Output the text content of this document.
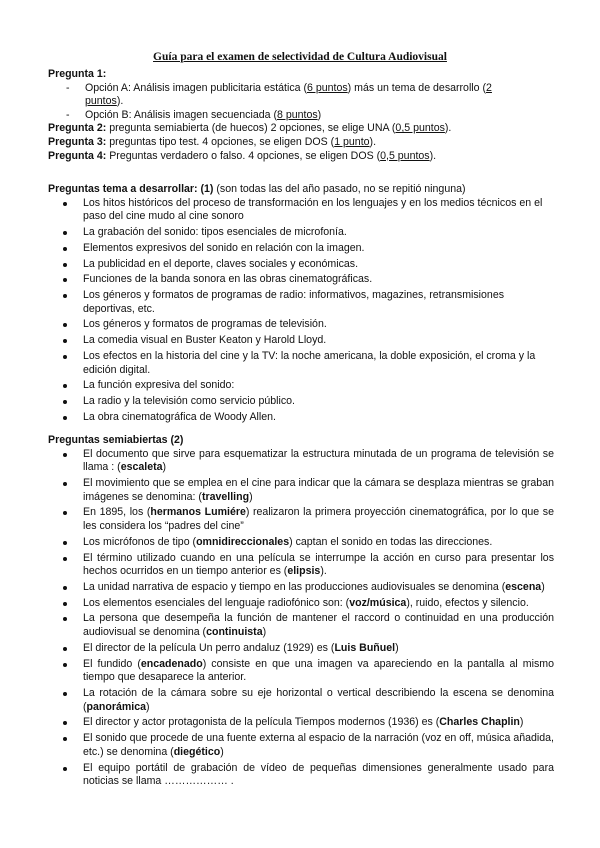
Guía para el examen de selectividad de Cultura Audiovisual

Pregunta 1:

- Opción A: Análisis imagen publicitaria estática (6 puntos) más un tema de desarrollo (2
puntos).

- Opción B: Análisis imagen secuenciada (8 puntos)

Pregunta 2: pregunta semiabierta (de huecos) 2 opciones, se elige UNA (0,5 puntos).

Pregunta 3: preguntas tipo test. 4 opciones, se eligen DOS (1 punto).

Pregunta 4: Preguntas verdadero o falso. 4 opciones, se eligen DOS (0,5 puntos).

Preguntas tema a desarrollar: (1) (son todas las del año pasado, no se repitió ninguna)

Los hitos históricos del proceso de transformación en los lenguajes y en los medios técnicos en el paso del cine mudo al cine sonoro
La grabación del sonido: tipos esenciales de microfonía.
Elementos expresivos del sonido en relación con la imagen.
La publicidad en el deporte, claves sociales y económicas.
Funciones de la banda sonora en las obras cinematográficas.
Los géneros y formatos de programas de radio: informativos, magazines, retransmisiones deportivas, etc.
Los géneros y formatos de programas de televisión.
La comedia visual en Buster Keaton y Harold Lloyd.
Los efectos en la historia del cine y la TV: la noche americana, la doble exposición, el croma y la edición digital.
La función expresiva del sonido:
La radio y la televisión como servicio público.
La obra cinematográfica de Woody Allen.

Preguntas semiabiertas (2)

El documento que sirve para esquematizar la estructura minutada de un programa de televisión se llama : (escaleta)
El movimiento que se emplea en el cine para indicar que la cámara se desplaza mientras se graban imágenes se denomina: (travelling)
En 1895, los (hermanos Lumiére) realizaron la primera proyección cinematográfica, por lo que se les considera los “padres del cine”
Los micrófonos de tipo (omnidireccionales) captan el sonido en todas las direcciones.
El término utilizado cuando en una película se interrumpe la acción en curso para presentar los hechos ocurridos en un tiempo anterior es (elipsis).
La unidad narrativa de espacio y tiempo en las producciones audiovisuales se denomina (escena)
Los elementos esenciales del lenguaje radiofónico son: (voz/música), ruido, efectos y silencio.
La persona que desempeña la función de mantener el raccord o continuidad en una producción audiovisual se denomina (continuista)
El director de la película Un perro andaluz (1929) es (Luis Buñuel)
El fundido (encadenado) consiste en que una imagen va apareciendo en la pantalla al mismo tiempo que desaparece la anterior.
La rotación de la cámara sobre su eje horizontal o vertical describiendo la escena se denomina (panorámica)
El director y actor protagonista de la película Tiempos modernos (1936) es (Charles Chaplin)
El sonido que procede de una fuente externa al espacio de la narración (voz en off, música añadida, etc.) se denomina (diegético)
El equipo portátil de grabación de vídeo de pequeñas dimensiones generalmente usado para noticias se llama ……………… .
